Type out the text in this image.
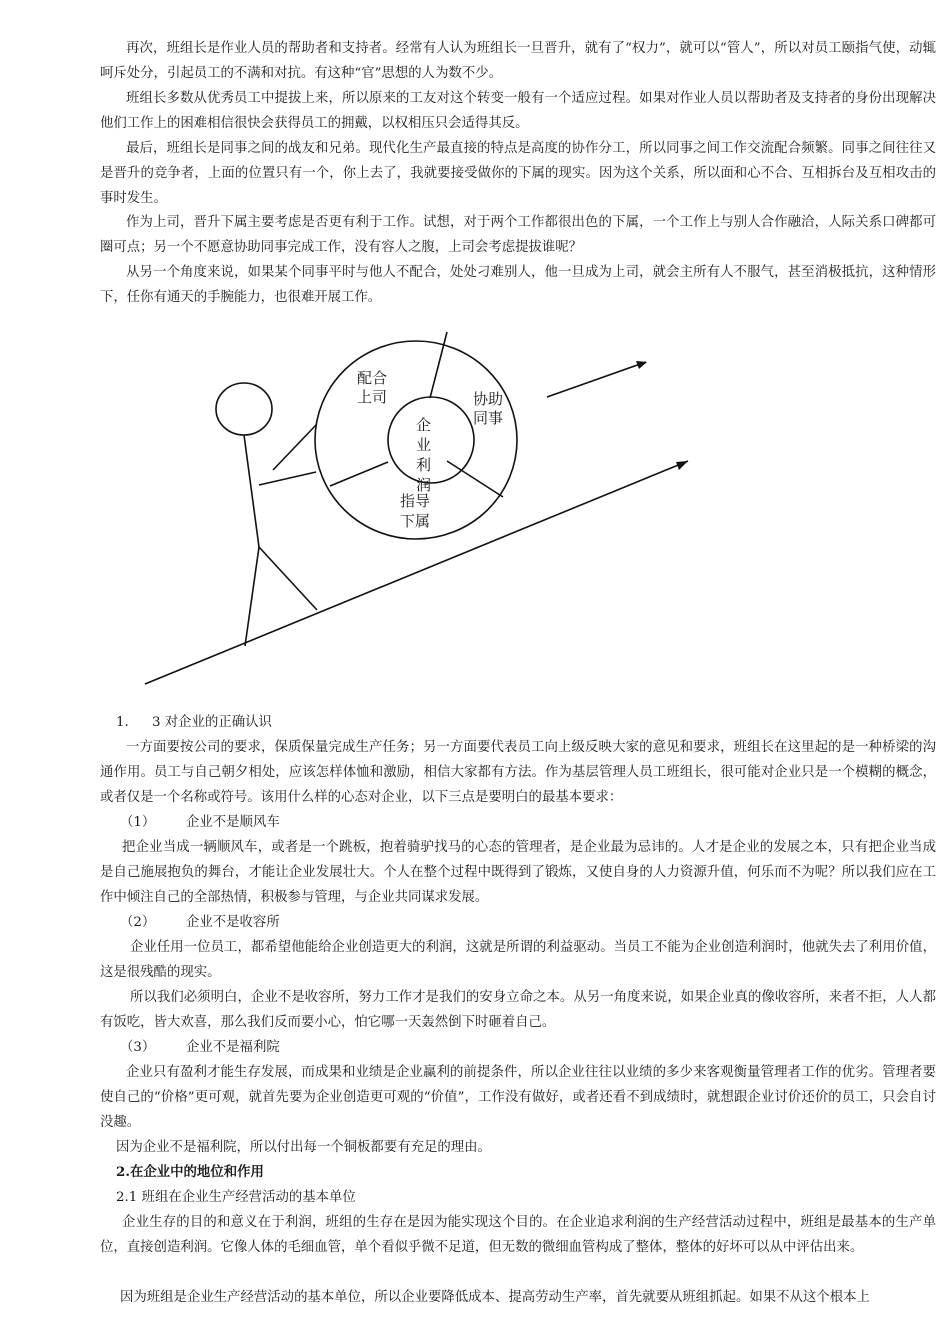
再次，班组长是作业人员的帮助者和支持者。经常有人认为班组长一旦晋升，就有了“权力”，就可以“管人”，所以对员工颐指气使，动辄呵斥处分，引起员工的不满和对抗。有这种“官”思想的人为数不少。

班组长多数从优秀员工中提拔上来，所以原来的工友对这个转变一般有一个适应过程。如果对作业人员以帮助者及支持者的身份出现解决他们工作上的困难相信很快会获得员工的拥戴，以权相压只会适得其反。

最后，班组长是同事之间的战友和兄弟。现代化生产最直接的特点是高度的协作分工，所以同事之间工作交流配合频繁。同事之间往往又是晋升的竞争者，上面的位置只有一个，你上去了，我就要接受做你的下属的现实。因为这个关系，所以面和心不合、互相拆台及互相攻击的事时发生。

作为上司，晋升下属主要考虑是否更有利于工作。试想，对于两个工作都很出色的下属，一个工作上与别人合作融洽，人际关系口碑都可圈可点；另一个不愿意协助同事完成工作，没有容人之腹，上司会考虑提拔谁呢？

从另一个角度来说，如果某个同事平时与他人不配合，处处刁难别人，他一旦成为上司，就会主所有人不服气，甚至消极抵抗，这种情形下，任你有通天的手腕能力，也很难开展工作。

配合
上司	协助
同事
企
业
利
润
指导
下属

1. 3 对企业的正确认识

一方面要按公司的要求，保质保量完成生产任务；另一方面要代表员工向上级反映大家的意见和要求，班组长在这里起的是一种桥梁的沟通作用。员工与自己朝夕相处，应该怎样体恤和激励，相信大家都有方法。作为基层管理人员工班组长，很可能对企业只是一个模糊的概念，或者仅是一个名称或符号。该用什么样的心态对企业，以下三点是要明白的最基本要求：

（1） 企业不是顺风车

把企业当成一辆顺风车，或者是一个跳板，抱着骑驴找马的心态的管理者，是企业最为忌讳的。人才是企业的发展之本，只有把企业当成是自己施展抱负的舞台，才能让企业发展壮大。个人在整个过程中既得到了锻炼，又使自身的人力资源升值，何乐而不为呢？所以我们应在工作中倾注自己的全部热情，积极参与管理，与企业共同谋求发展。

（2） 企业不是收容所

企业任用一位员工，都希望他能给企业创造更大的利润，这就是所谓的利益驱动。当员工不能为企业创造利润时，他就失去了利用价值，这是很残酷的现实。

所以我们必须明白，企业不是收容所，努力工作才是我们的安身立命之本。从另一角度来说，如果企业真的像收容所，来者不拒，人人都有饭吃，皆大欢喜，那么我们反而要小心，怕它哪一天轰然倒下时砸着自己。

（3） 企业不是福利院

企业只有盈利才能生存发展，而成果和业绩是企业赢利的前提条件，所以企业往往以业绩的多少来客观衡量管理者工作的优劣。管理者要使自己的“价格”更可观，就首先要为企业创造更可观的“价值”，工作没有做好，或者还看不到成绩时，就想跟企业讨价还价的员工，只会自讨没趣。

因为企业不是福利院，所以付出每一个铜板都要有充足的理由。

2.在企业中的地位和作用

2.1 班组在企业生产经营活动的基本单位

企业生存的目的和意义在于利润，班组的生存在是因为能实现这个目的。在企业追求利润的生产经营活动过程中，班组是最基本的生产单位，直接创造利润。它像人体的毛细血管，单个看似乎微不足道，但无数的微细血管构成了整体，整体的好坏可以从中评估出来。

因为班组是企业生产经营活动的基本单位，所以企业要降低成本、提高劳动生产率，首先就要从班组抓起。如果不从这个根本上
